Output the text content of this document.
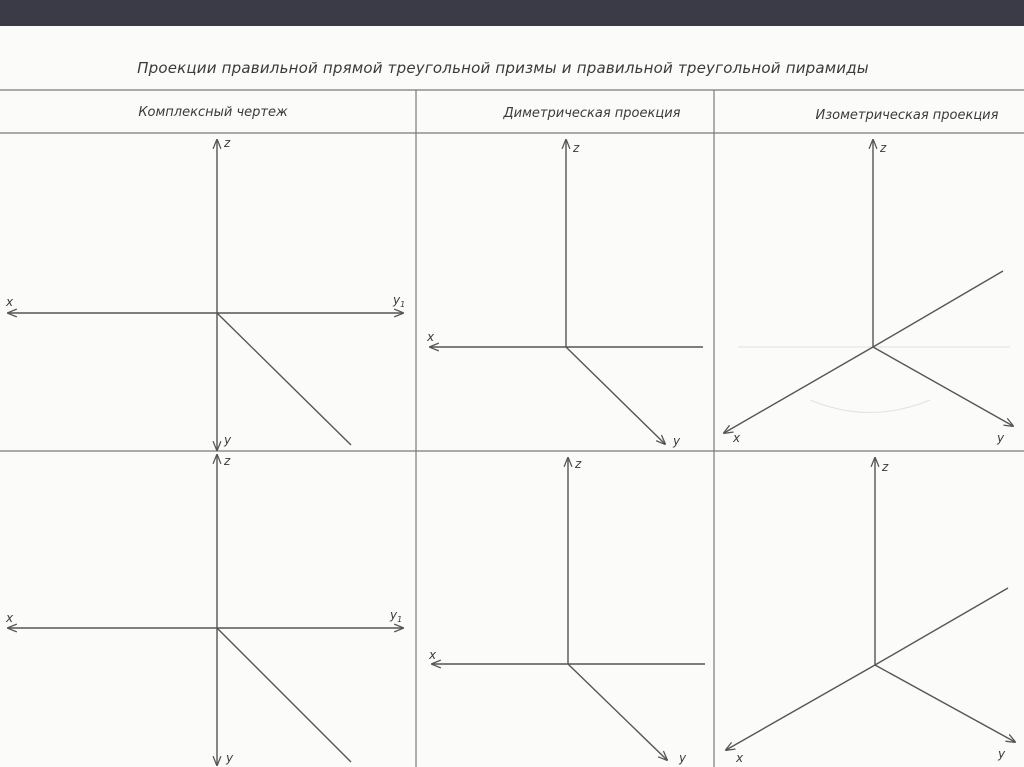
Проекции правильной прямой треугольной призмы и правильной треугольной пирамиды
Комплексный чертеж	Диметрическая проекция	Изометрическая проекция
z
y
x	$y_1$
z
x
y
z
x	y
z
y
x	$y_1$
z
x
y
z
x	y
